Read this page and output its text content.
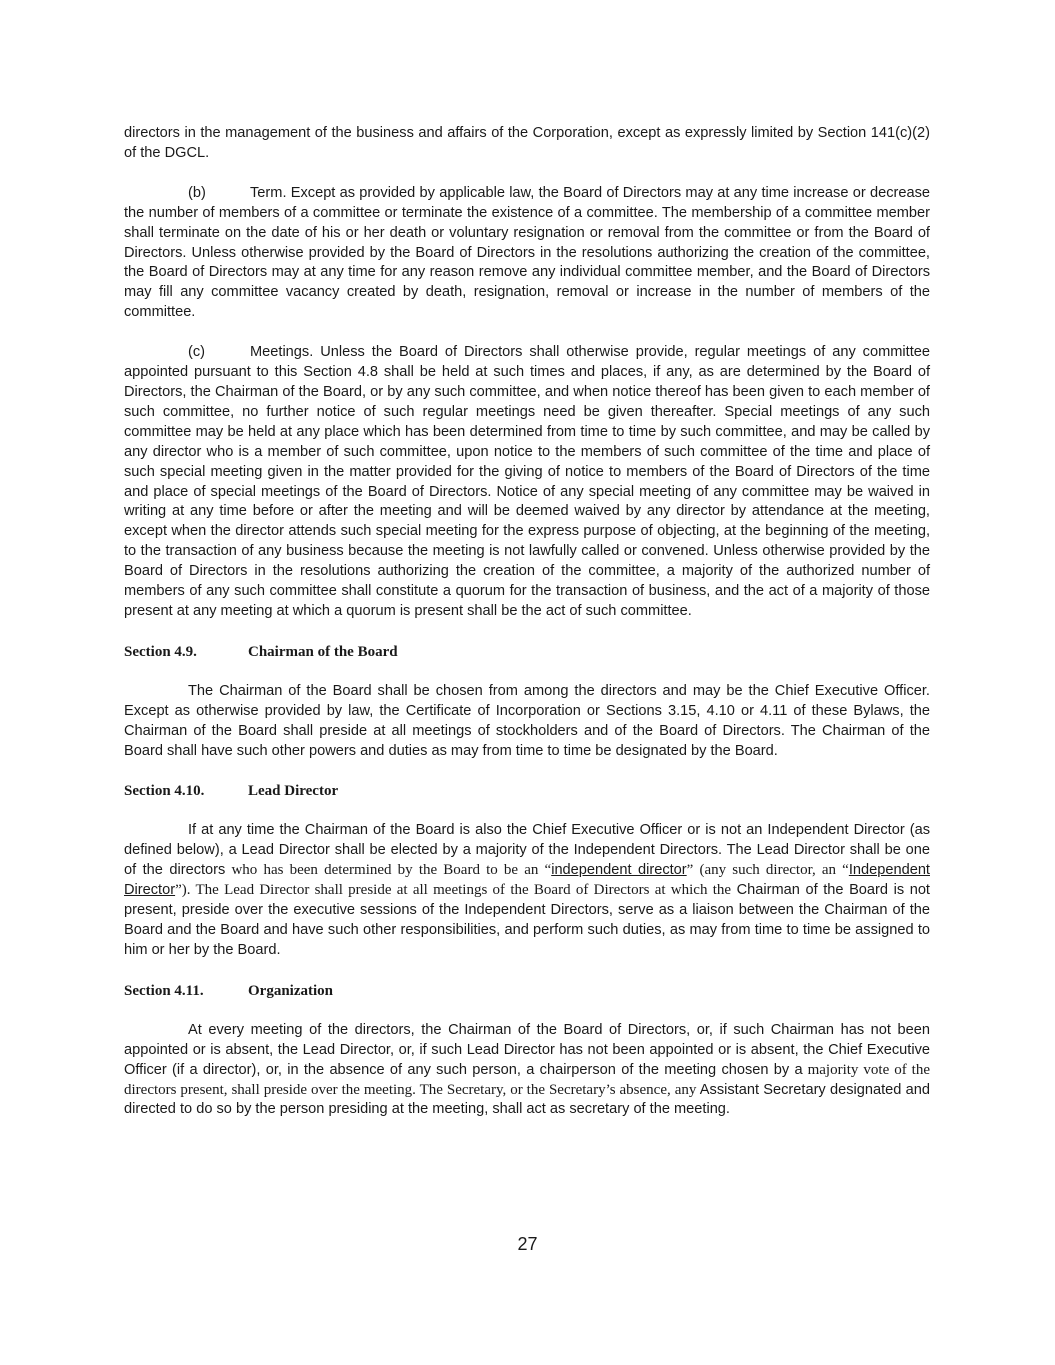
directors in the management of the business and affairs of the Corporation, except as expressly limited by Section 141(c)(2) of the DGCL.

(b)	Term. Except as provided by applicable law, the Board of Directors may at any time increase or decrease the number of members of a committee or terminate the existence of a committee. The membership of a committee member shall terminate on the date of his or her death or voluntary resignation or removal from the committee or from the Board of Directors. Unless otherwise provided by the Board of Directors in the resolutions authorizing the creation of the committee, the Board of Directors may at any time for any reason remove any individual committee member, and the Board of Directors may fill any committee vacancy created by death, resignation, removal or increase in the number of members of the committee.

(c)	Meetings. Unless the Board of Directors shall otherwise provide, regular meetings of any committee appointed pursuant to this Section 4.8 shall be held at such times and places, if any, as are determined by the Board of Directors, the Chairman of the Board, or by any such committee, and when notice thereof has been given to each member of such committee, no further notice of such regular meetings need be given thereafter. Special meetings of any such committee may be held at any place which has been determined from time to time by such committee, and may be called by any director who is a member of such committee, upon notice to the members of such committee of the time and place of such special meeting given in the matter provided for the giving of notice to members of the Board of Directors of the time and place of special meetings of the Board of Directors. Notice of any special meeting of any committee may be waived in writing at any time before or after the meeting and will be deemed waived by any director by attendance at the meeting, except when the director attends such special meeting for the express purpose of objecting, at the beginning of the meeting, to the transaction of any business because the meeting is not lawfully called or convened. Unless otherwise provided by the Board of Directors in the resolutions authorizing the creation of the committee, a majority of the authorized number of members of any such committee shall constitute a quorum for the transaction of business, and the act of a majority of those present at any meeting at which a quorum is present shall be the act of such committee.

Section 4.9.	Chairman of the Board

The Chairman of the Board shall be chosen from among the directors and may be the Chief Executive Officer. Except as otherwise provided by law, the Certificate of Incorporation or Sections 3.15, 4.10 or 4.11 of these Bylaws, the Chairman of the Board shall preside at all meetings of stockholders and of the Board of Directors. The Chairman of the Board shall have such other powers and duties as may from time to time be designated by the Board.

Section 4.10.	Lead Director

If at any time the Chairman of the Board is also the Chief Executive Officer or is not an Independent Director (as defined below), a Lead Director shall be elected by a majority of the Independent Directors. The Lead Director shall be one of the directors who has been determined by the Board to be an “independent director” (any such director, an “Independent Director”). The Lead Director shall preside at all meetings of the Board of Directors at which the Chairman of the Board is not present, preside over the executive sessions of the Independent Directors, serve as a liaison between the Chairman of the Board and the Board and have such other responsibilities, and perform such duties, as may from time to time be assigned to him or her by the Board.

Section 4.11.	Organization

At every meeting of the directors, the Chairman of the Board of Directors, or, if such Chairman has not been appointed or is absent, the Lead Director, or, if such Lead Director has not been appointed or is absent, the Chief Executive Officer (if a director), or, in the absence of any such person, a chairperson of the meeting chosen by a majority vote of the directors present, shall preside over the meeting. The Secretary, or the Secretary’s absence, any Assistant Secretary designated and directed to do so by the person presiding at the meeting, shall act as secretary of the meeting.

27
